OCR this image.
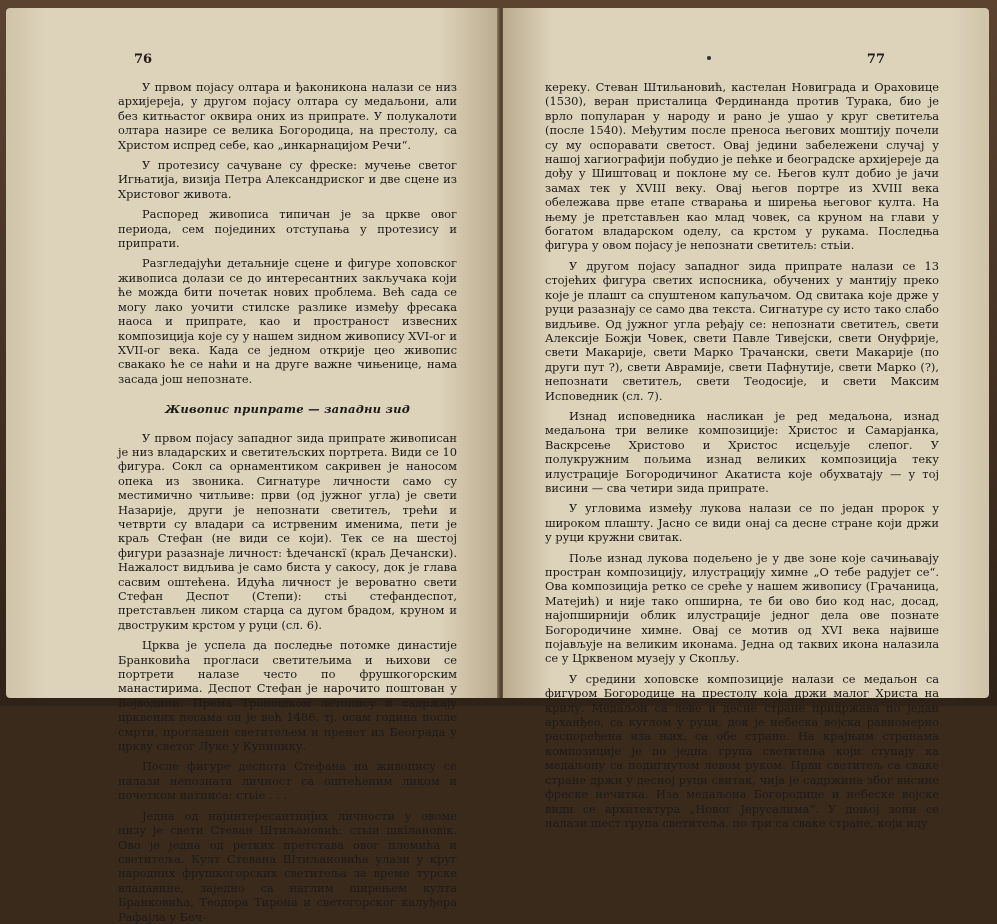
76

У првом појасу олтара и ђаконикона налази се низ архијереја, у другом појасу олтара су медаљони, али без китњастог оквира оних из припрате. У полукалоти олтара назире се велика Богородица, на престолу, са Христом испред себе, као „инкарнацијом Речи“.

У протезису сачуване су фреске: мучење светог Игњатија, визија Петра Александриског и две сцене из Христовог живота.

Распоред живописа типичан је за цркве овог периода, сем појединих отступања у протезису и припрати.

Разгледајући детаљније сцене и фигуре хоповског живописа долази се до интересантних закључака који ће можда бити почетак нових проблема. Већ сада се могу лако уочити стилске разлике између фресака наоса и припрате, као и пространост извесних композиција које су у нашем зидном живопису XVI-ог и XVII-ог века. Када се једном открије цео живопис свакако ће се наћи и на друге важне чињенице, нама засада још непознате.

Живопис припрате — западни зид

У првом појасу западног зида припрате живописан је низ владарских и светитељских портрета. Види се 10 фигура. Сокл са орнаментиком сакривен је наносом опека из звоника. Сигнатуре личности само су местимично читљиве: први (од јужног угла) је свети Назарије, други је непознати светитељ, трећи и четврти су владари са истрвеним именима, пети је краљ Стефан (не види се који). Тек се на шестој фигури разазнаје личност: ѣдечанскї (краљ Дечански). Нажалост видљива је само биста у сакосу, док је глава сасвим оштећена. Идућа личност је вероватно свети Стефан Деспот (Степи): стьі стефандеспот, претстављен ликом старца са дугом брадом, круном и двоструким крстом у руци (сл. 6).

Црква је успела да последње потомке династије Бранковића прогласи светитељима и њихови се портрети налазе често по фрушкогорским манастирима. Деспот Стефан је нарочито поштован у Војводини. Према Троношком летопису и садржају црквених песама он је већ 1486, тј. осам година после смрти, проглашен светитељем и пренет из Београда у цркву светог Луке у Купинику.

После фигуре деспота Стефана на живопису се налази непозната личност са оштећеним ликом и почетком натписа: стьіе . . .

Једна од најинтересантнијих личности у овоме низу је свети Стеван Штиљановић: стьіи шкїлановїк. Ово је једна од ретких претстава овог племића и светитеља. Култ Стевана Штиљановића улази у круг народних фрушкогорских светитеља за време турске владавине, заједно са наглим ширењем култа Бранковића, Теодора Тирона и светогорског калуђера Рафајла у Беч-

77

кереку. Стеван Штиљановић, кастелан Новиграда и Ораховице (1530), веран присталица Фердинанда против Турака, био је врло популаран у народу и рано је ушао у круг светитеља (после 1540). Међутим после преноса његових моштију почели су му оспоравати светост. Овај једини забележени случај у нашој хагиографији побудио је пећке и београдске архијереје да дођу у Шиштовац и поклоне му се. Његов култ добио је јачи замах тек у XVIII веку. Овај његов портре из XVIII века обележава прве етапе стварања и ширења његовог култа. На њему је претстављен као млад човек, са круном на глави у богатом владарском оделу, са крстом у рукама. Последња фигура у овом појасу је непознати светитељ: стьіи.

У другом појасу западног зида припрате налази се 13 стојећих фигура светих испосника, обучених у мантију преко које је плашт са спуштеном капуљачом. Од свитака које држе у руци разазнају се само два текста. Сигнатуре су исто тако слабо видљиве. Од јужног угла ређају се: непознати светитељ, свети Алексије Божји Човек, свети Павле Тивејски, свети Онуфрије, свети Макарије, свети Марко Трачански, свети Макарије (по други пут ?), свети Аврамије, свети Пафнутије, свети Марко (?), непознати светитељ, свети Теодосије, и свети Максим Исповедник (сл. 7).

Изнад исповедника насликан је ред медаљона, изнад медаљона три велике композиције: Христос и Самарјанка, Васкрсење Христово и Христос исцељује слепог. У полукружним пољима изнад великих композиција теку илустрације Богородичиног Акатиста које обухватају — у тој висини — сва четири зида припрате.

У угловима између лукова налази се по један пророк у широком плашту. Јасно се види онај са десне стране који држи у руци кружни свитак.

Поље изнад лукова подељено је у две зоне које сачињавају простран композицију, илустрацију химне „О тебе радујет се“. Ова композиција ретко се среће у нашем живопису (Грачаница, Матејић) и није тако опширна, те би ово био код нас, досад, најопширнији облик илустрације једног дела ове познате Богородичине химне. Овај се мотив од XVI века највише појављује на великим иконама. Једна од таквих икона налазила се у Црквеном музеју у Скопљу.

У средини хоповске композиције налази се медаљон са фигуром Богородице на престолу која држи малог Христа на крилу. Медаљон са леве и десне стране придржава по један арханђео, са куглом у руци, док је небеска војска равномерно распоређена иза њих, са обе стране. На крајњим странама композиције је по једна група светитеља који ступају ка медаљону са подигнутом левом руком. Први светитељ са сваке стране држи у десној руци свитак, чија је садржина због висине фреске нечитка. Иза медаљона Богородице и небеске војске види се архитектура „Новог Јерусалима“. У доњој зони се налази шест група светитеља, по три са сваке стране, који иду
